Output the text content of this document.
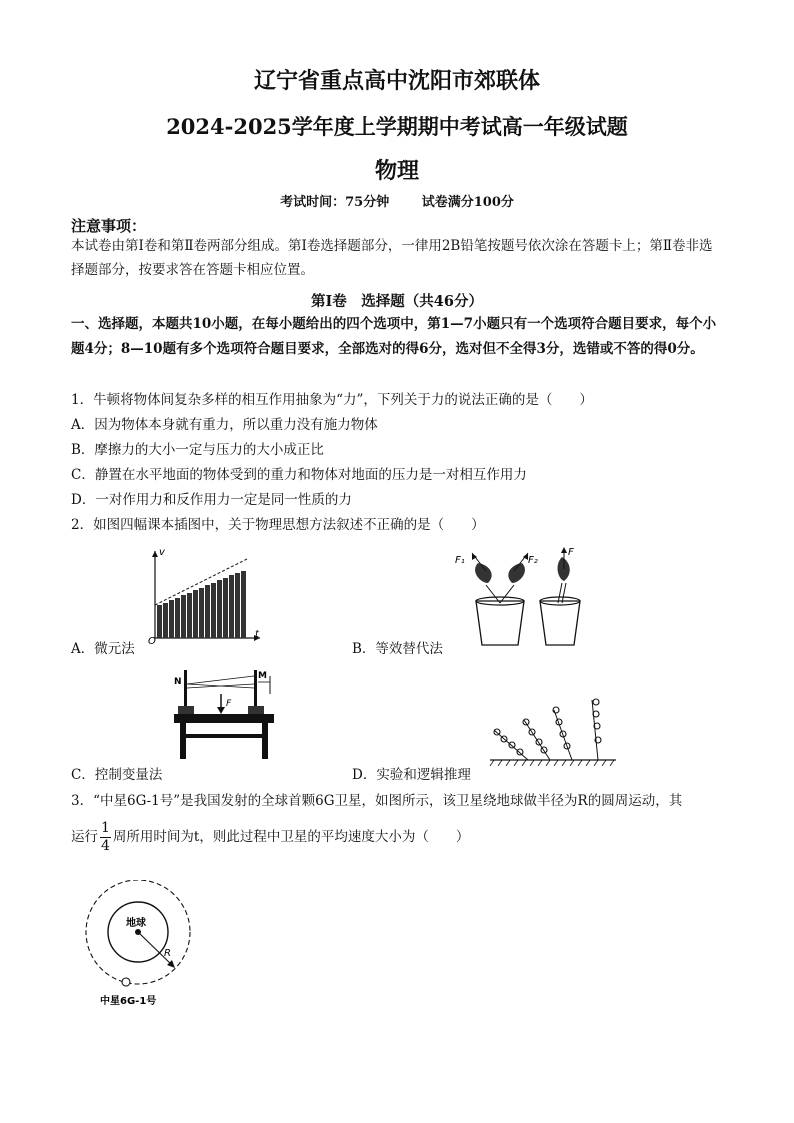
辽宁省重点高中沈阳市郊联体
2024-2025学年度上学期期中考试高一年级试题
物理
考试时间：75分钟	试卷满分100分
注意事项：
本试卷由第Ⅰ卷和第Ⅱ卷两部分组成。第Ⅰ卷选择题部分，一律用2B铅笔按题号依次涂在答题卡上；第Ⅱ卷非选择题部分，按要求答在答题卡相应位置。
第Ⅰ卷　选择题（共46分）
一、选择题，本题共10小题，在每小题给出的四个选项中，第1—7小题只有一个选项符合题目要求，每个小题4分；8—10题有多个选项符合题目要求，全部选对的得6分，选对但不全得3分，选错或不答的得0分。
1．牛顿将物体间复杂多样的相互作用抽象为“力”，下列关于力的说法正确的是（　　）
A．因为物体本身就有重力，所以重力没有施力物体
B．摩擦力的大小一定与压力的大小成正比
C．静置在水平地面的物体受到的重力和物体对地面的压力是一对相互作用力
D．一对作用力和反作用力一定是同一性质的力
2．如图四幅课本插图中，关于物理思想方法叙述不正确的是（　　）
v
t
O
A．微元法
F₁	F₂
F
B．等效替代法
N
M
F
C．控制变量法	D．实验和逻辑推理
3．“中星6G-1号”是我国发射的全球首颗6G卫星，如图所示，该卫星绕地球做半径为R的圆周运动，其
运行 $\frac{1}{4}$ 周所用时间为t，则此过程中卫星的平均速度大小为（　　）
地球
R
中星6G-1号
